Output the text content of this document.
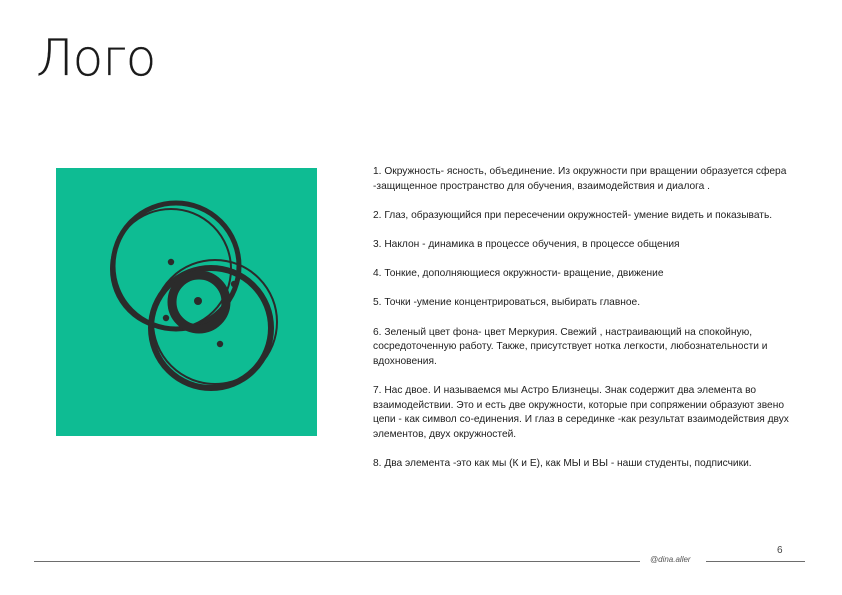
Лого

1. Окружность- ясность, объединение. Из окружности при вращении образуется сфера -защищенное пространство для обучения, взаимодействия и диалога .

2. Глаз, образующийся при пересечении окружностей- умение видеть и показывать.

3. Наклон - динамика в процессе обучения, в процессе общения

4. Тонкие, дополняющиеся окружности- вращение, движение

5. Точки -умение концентрироваться, выбирать главное.

6. Зеленый цвет фона- цвет Меркурия. Свежий , настраивающий на спокойную, сосредоточенную работу. Также, присутствует нотка легкости, любознательности и вдохновения.

7. Нас двое. И называемся мы Астро Близнецы. Знак содержит два элемента во взаимодействии. Это и есть две окружности, которые при сопряжении образуют звено цепи - как символ со-единения. И глаз в серединке -как результат взаимодействия двух элементов, двух окружностей.

8. Два элемента -это как мы (К и Е), как МЫ и ВЫ - наши студенты, подписчики.

@dina.aller
6
